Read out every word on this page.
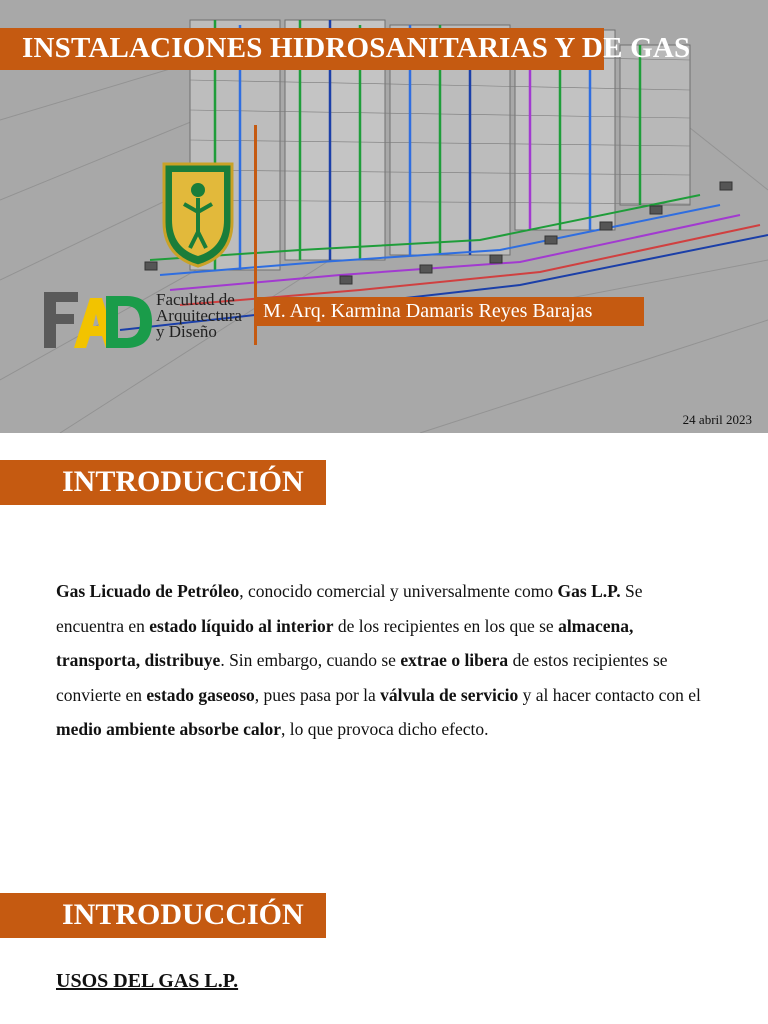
INSTALACIONES HIDROSANITARIAS Y DE GAS
Facultad de
Arquitectura
y Diseño
M. Arq. Karmina Damaris Reyes Barajas
24 abril 2023
INTRODUCCIÓN
Gas Licuado de Petróleo, conocido comercial y universalmente como Gas L.P. Se encuentra en estado líquido al interior de los recipientes en los que se almacena, transporta, distribuye. Sin embargo, cuando se extrae o libera de estos recipientes se convierte en estado gaseoso, pues pasa por la válvula de servicio y al hacer contacto con el medio ambiente absorbe calor, lo que provoca dicho efecto.
INTRODUCCIÓN
USOS DEL GAS L.P.
